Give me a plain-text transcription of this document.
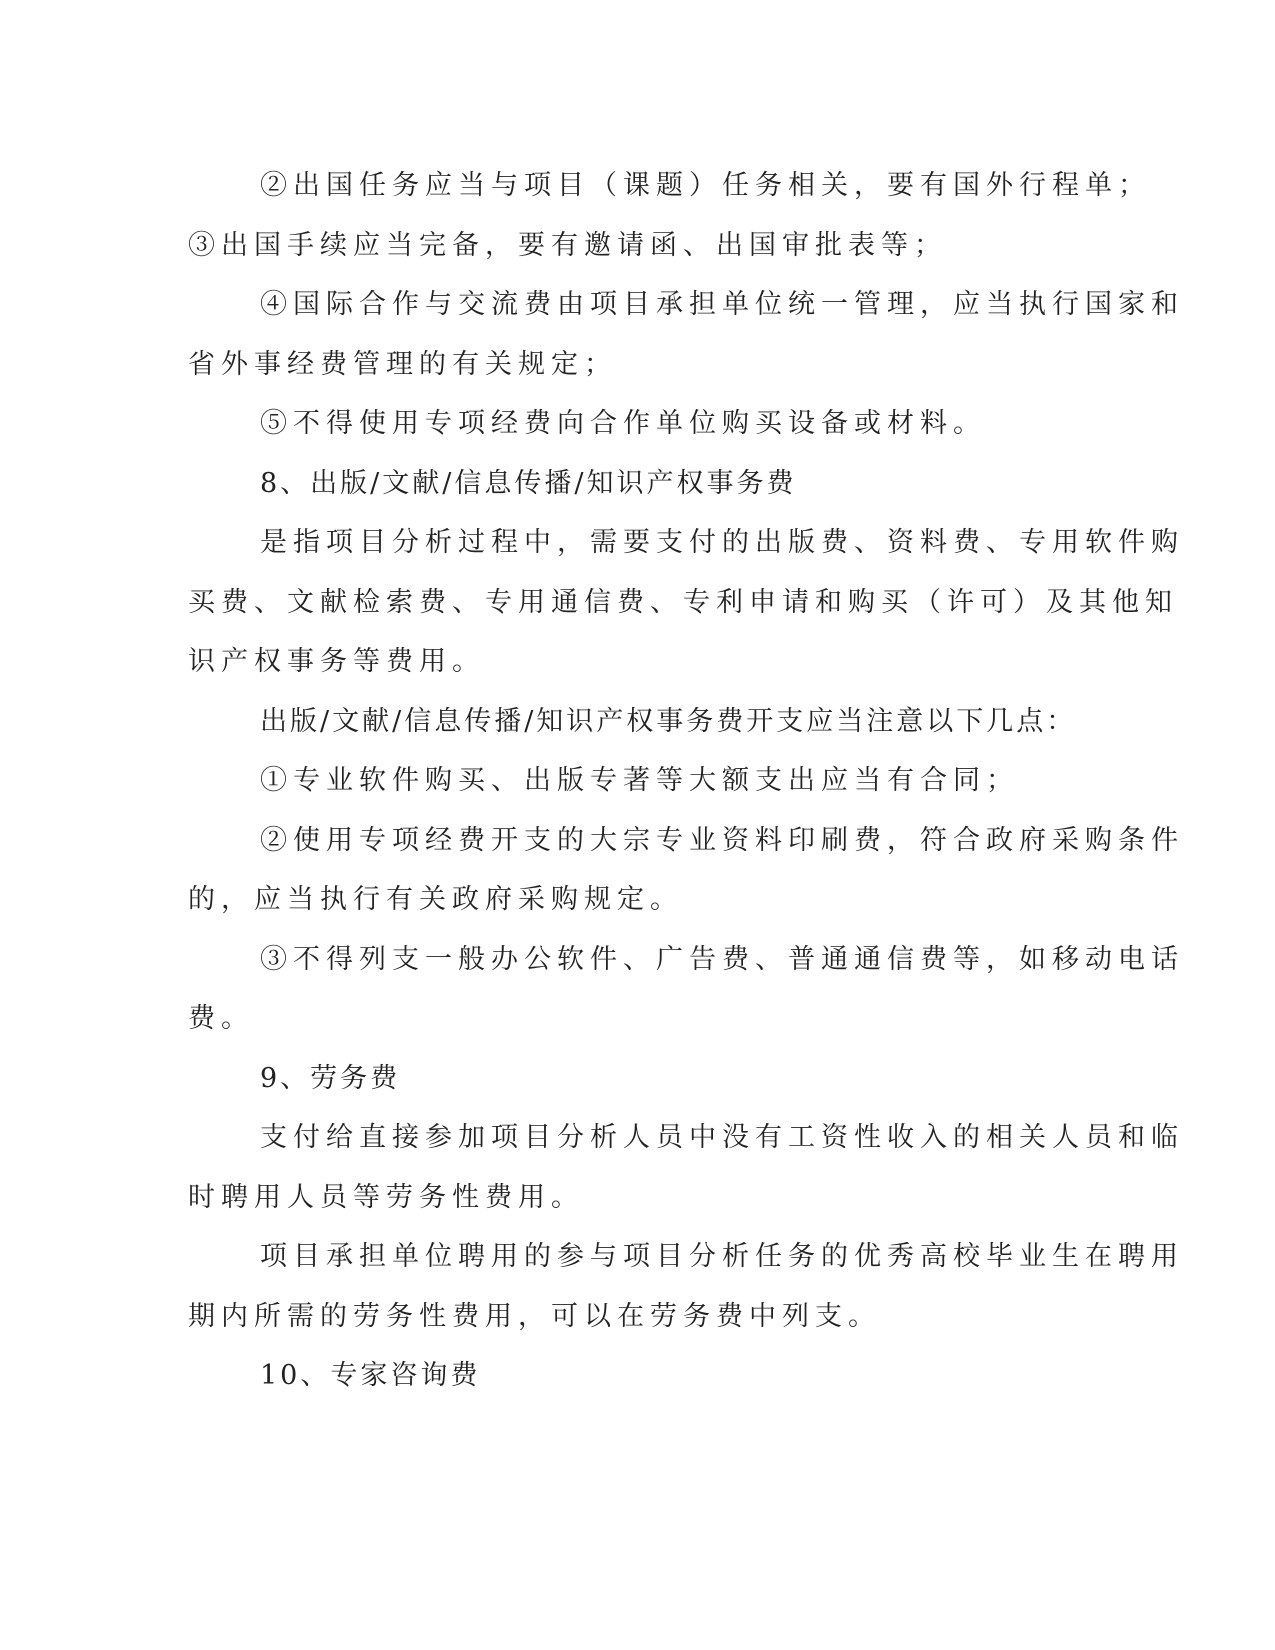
②出国任务应当与项目（课题）任务相关，要有国外行程单；

③出国手续应当完备，要有邀请函、出国审批表等；

④国际合作与交流费由项目承担单位统一管理，应当执行国家和

省外事经费管理的有关规定；

⑤不得使用专项经费向合作单位购买设备或材料。

8、出版/文献/信息传播/知识产权事务费

是指项目分析过程中，需要支付的出版费、资料费、专用软件购

买费、文献检索费、专用通信费、专利申请和购买（许可）及其他知

识产权事务等费用。

出版/文献/信息传播/知识产权事务费开支应当注意以下几点：

①专业软件购买、出版专著等大额支出应当有合同；

②使用专项经费开支的大宗专业资料印刷费，符合政府采购条件

的，应当执行有关政府采购规定。

③不得列支一般办公软件、广告费、普通通信费等，如移动电话

费。

9、劳务费

支付给直接参加项目分析人员中没有工资性收入的相关人员和临

时聘用人员等劳务性费用。

项目承担单位聘用的参与项目分析任务的优秀高校毕业生在聘用

期内所需的劳务性费用，可以在劳务费中列支。

10、专家咨询费
